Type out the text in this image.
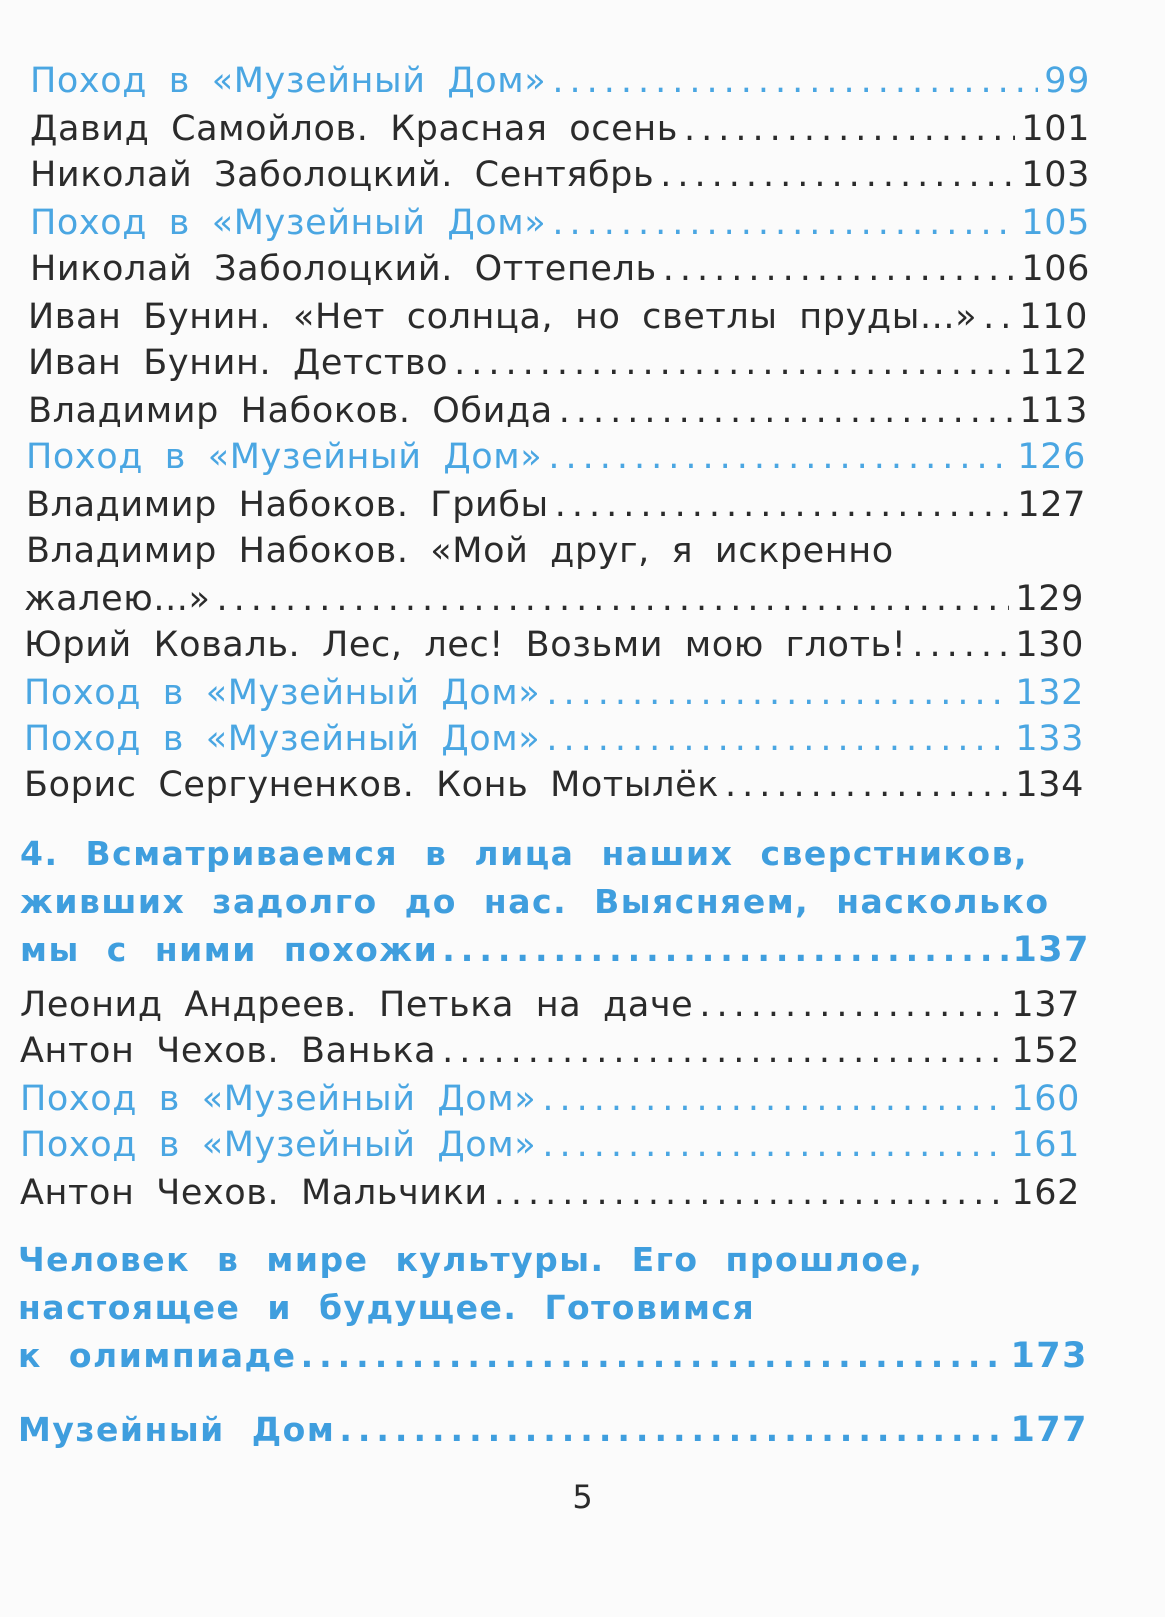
Поход в «Музейный Дом» .....	99
Давид Самойлов. Красная осень .....	101
Николай Заболоцкий. Сентябрь .....	103
Поход в «Музейный Дом» .....	105
Николай Заболоцкий. Оттепель .....	106
Иван Бунин. «Нет солнца, но светлы пруды...» ..... 110
Иван Бунин. Детство .....	112
Владимир Набоков. Обида .....	113
Поход в «Музейный Дом» .....	126
Владимир Набоков. Грибы .....	127
Владимир Набоков. «Мой друг, я искренно
жалею...» .....	129
Юрий Коваль. Лес, лес! Возьми мою глоть! .....	130
Поход в «Музейный Дом» .....	132
Поход в «Музейный Дом» .....	133
Борис Сергуненков. Конь Мотылёк .....	134
4. Всматриваемся в лица наших сверстников,
живших задолго до нас. Выясняем, насколько
мы с ними похожи .....	137
Леонид Андреев. Петька на даче .....	137
Антон Чехов. Ванька .....	152
Поход в «Музейный Дом» .....	160
Поход в «Музейный Дом» .....	161
Антон Чехов. Мальчики .....	162
Человек в мире культуры. Его прошлое,
настоящее и будущее. Готовимся
к олимпиаде .....	173
Музейный Дом .....	177
5
